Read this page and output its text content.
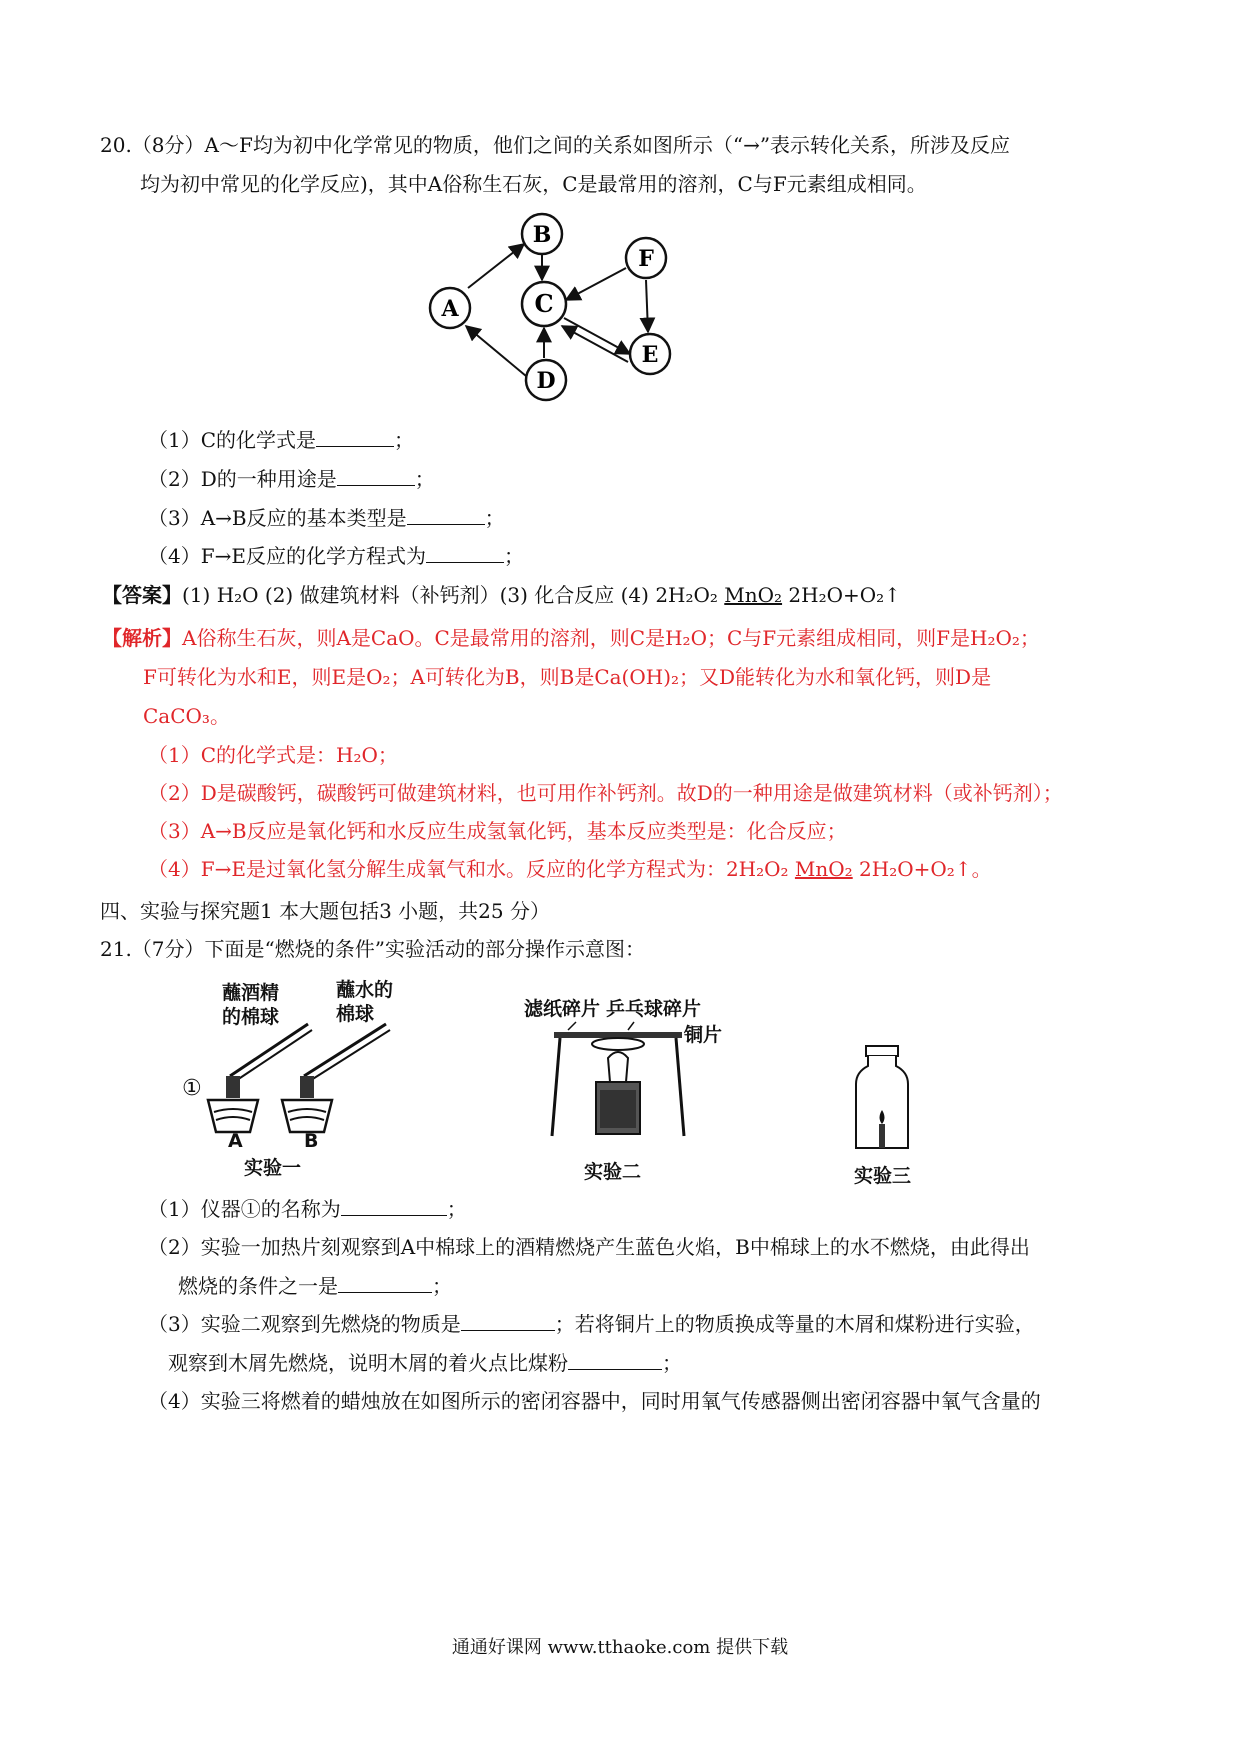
20.（8分）A～F均为初中化学常见的物质，他们之间的关系如图所示（“→”表示转化关系，所涉及反应
均为初中常见的化学反应)，其中A俗称生石灰，C是最常用的溶剂，C与F元素组成相同。
A
B
C
D
E
F
（1）C的化学式是	；
（2）D的一种用途是	；
（3）A→B反应的基本类型是	；
（4）F→E反应的化学方程式为	；
【答案】(1) H₂O (2) 做建筑材料（补钙剂）(3) 化合反应 (4) 2H₂O₂ MnO₂ 2H₂O+O₂↑
【解析】A俗称生石灰，则A是CaO。C是最常用的溶剂，则C是H₂O；C与F元素组成相同，则F是H₂O₂；
F可转化为水和E，则E是O₂；A可转化为B，则B是Ca(OH)₂；又D能转化为水和氧化钙，则D是
CaCO₃。
（1）C的化学式是：H₂O；
（2）D是碳酸钙，碳酸钙可做建筑材料，也可用作补钙剂。故D的一种用途是做建筑材料（或补钙剂）；
（3）A→B反应是氧化钙和水反应生成氢氧化钙，基本反应类型是：化合反应；
（4）F→E是过氧化氢分解生成氧气和水。反应的化学方程式为：2H₂O₂ MnO₂ 2H₂O+O₂↑。
四、实验与探究题1 本大题包括3 小题，共25 分）
21.（7分）下面是“燃烧的条件”实验活动的部分操作示意图：
蘸酒精
的棉球
蘸水的
棉球
①
A	B
实验一
滤纸碎片 乒乓球碎片
铜片
实验二	实验三
（1）仪器①的名称为	；
（2）实验一加热片刻观察到A中棉球上的酒精燃烧产生蓝色火焰，B中棉球上的水不燃烧，由此得出
燃烧的条件之一是	；
（3）实验二观察到先燃烧的物质是	；若将铜片上的物质换成等量的木屑和煤粉进行实验，
观察到木屑先燃烧，说明木屑的着火点比煤粉	；
（4）实验三将燃着的蜡烛放在如图所示的密闭容器中，同时用氧气传感器侧出密闭容器中氧气含量的
通通好课网 www.tthaoke.com 提供下载
